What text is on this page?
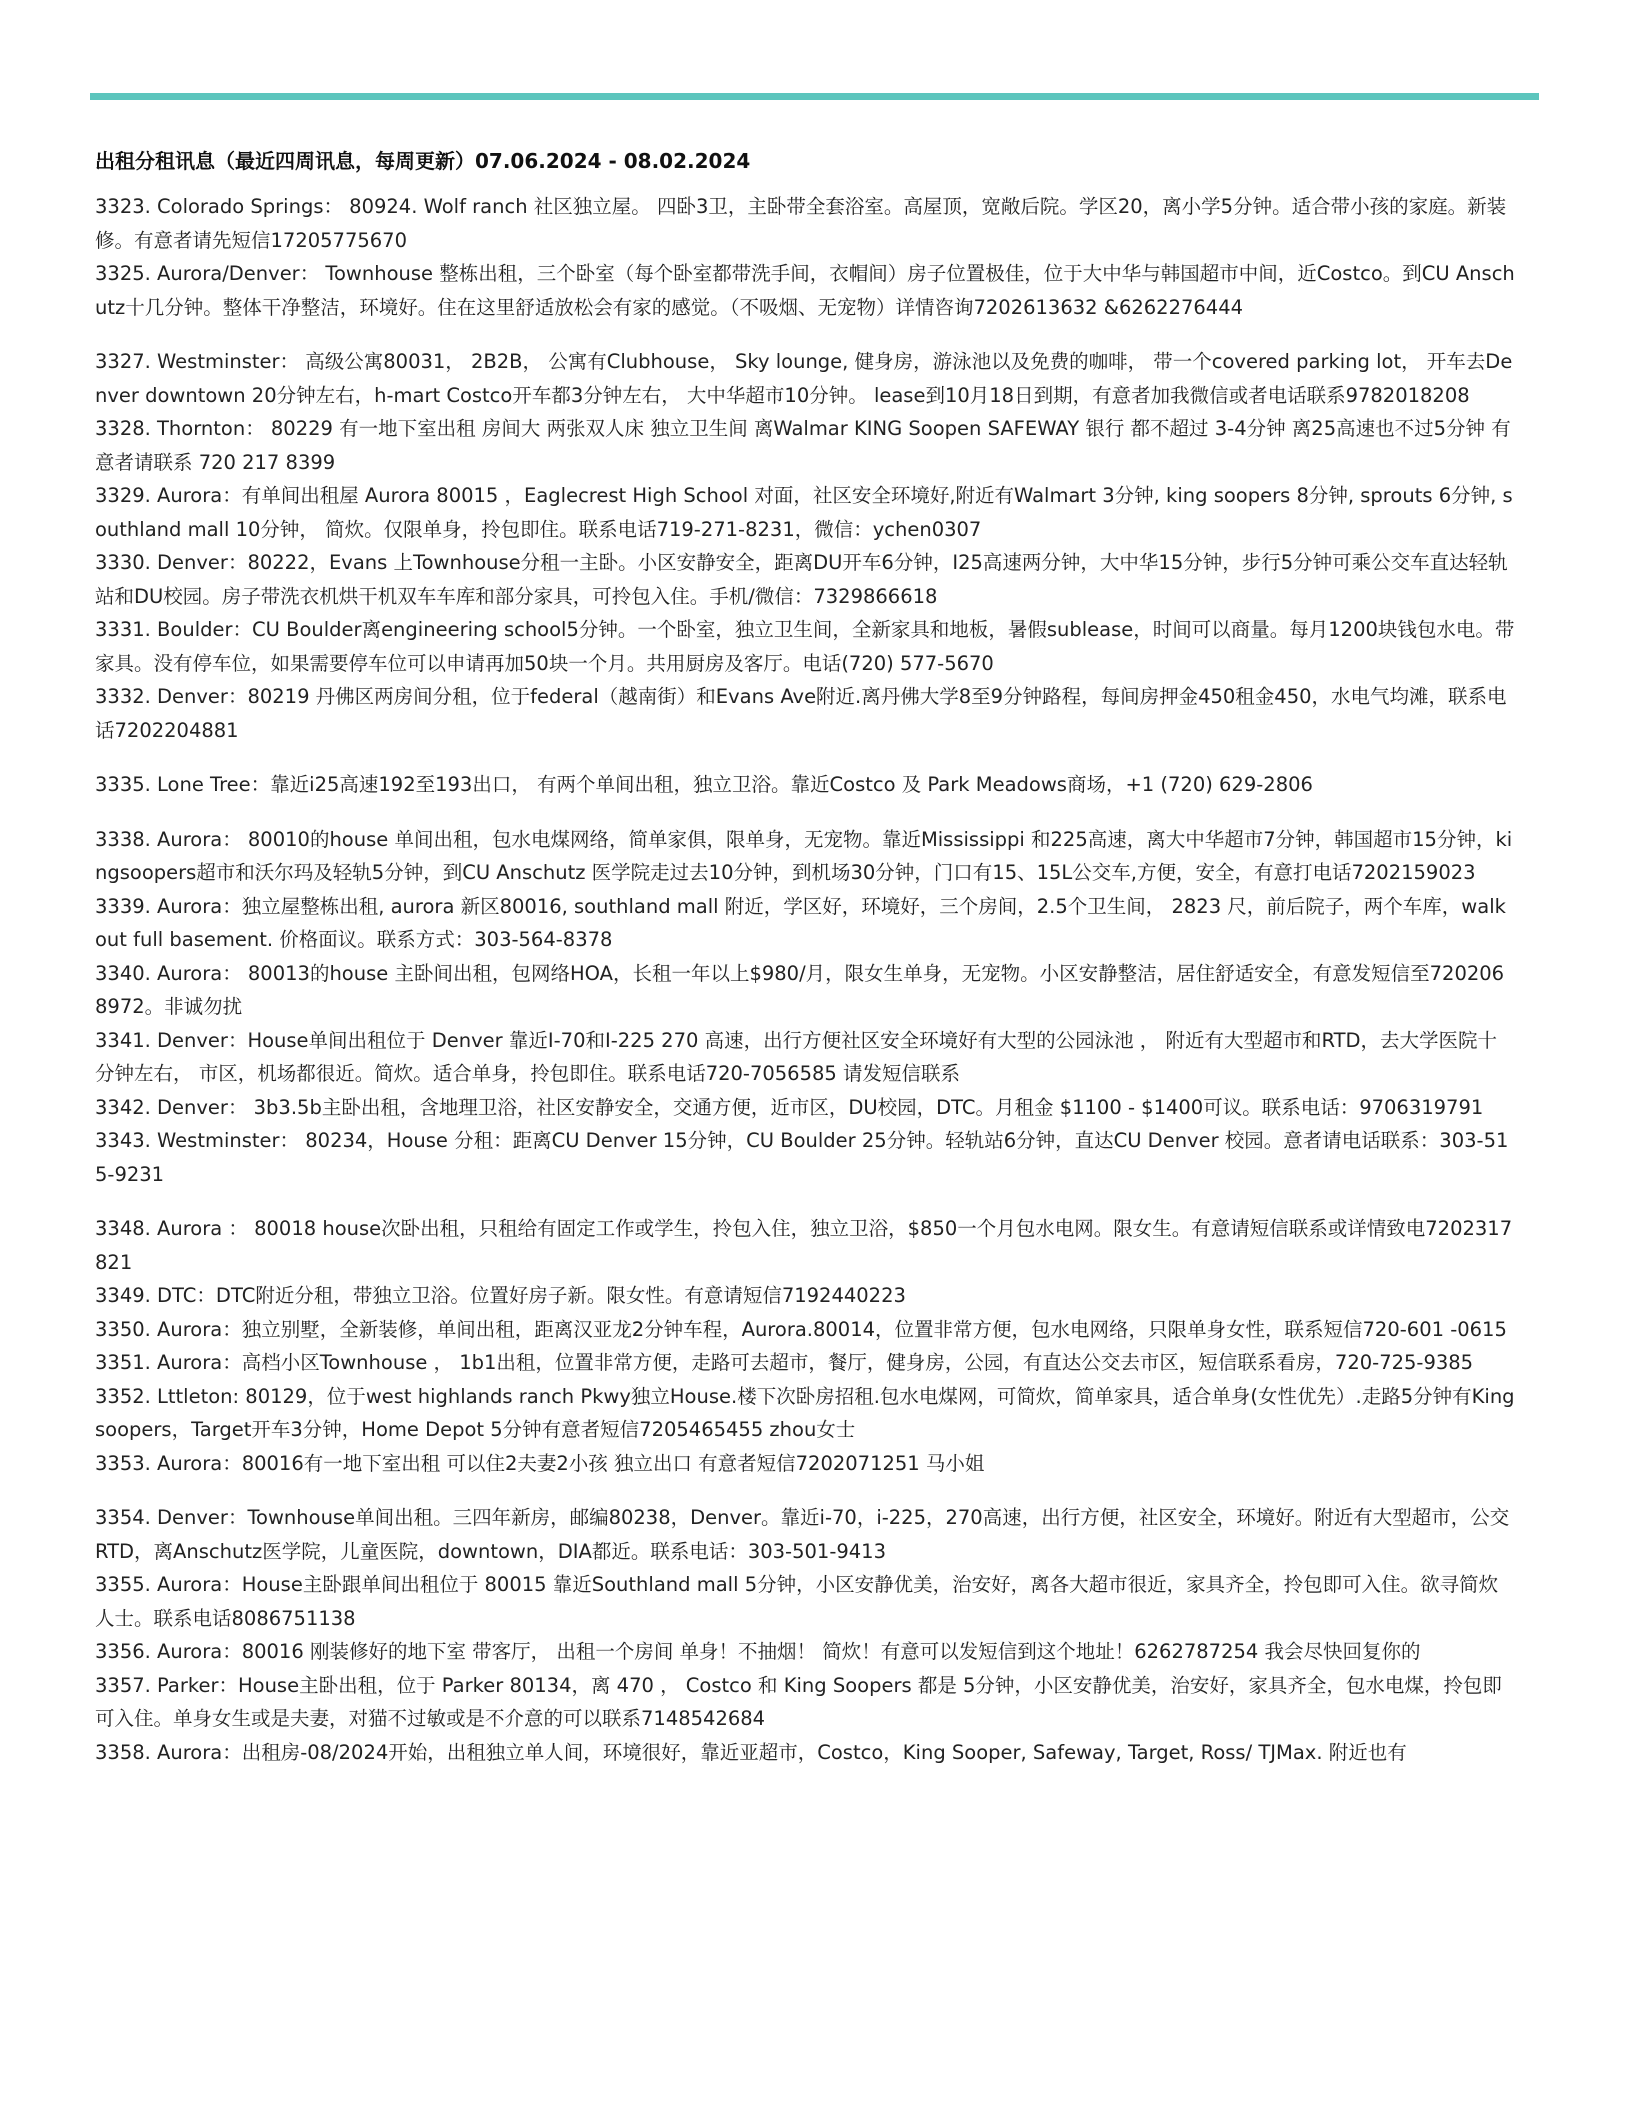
出租分租讯息（最近四周讯息，每周更新）07.06.2024 - 08.02.2024

3323. Colorado Springs： 80924. Wolf ranch 社区独立屋。 四卧3卫，主卧带全套浴室。高屋顶，宽敞后院。学区20，离小学5分钟。适合带小孩的家庭。新装修。有意者请先短信17205775670

3325. Aurora/Denver： Townhouse 整栋出租，三个卧室（每个卧室都带洗手间，衣帽间）房子位置极佳，位于大中华与韩国超市中间，近Costco。到CU Anschutz十几分钟。整体干净整洁，环境好。住在这里舒适放松会有家的感觉。（不吸烟、无宠物）详情咨询7202613632 &6262276444

3327. Westminster： 高级公寓80031， 2B2B， 公寓有Clubhouse， Sky lounge, 健身房，游泳池以及免费的咖啡， 带一个covered parking lot， 开车去Denver downtown 20分钟左右，h-mart Costco开车都3分钟左右， 大中华超市10分钟。 lease到10月18日到期，有意者加我微信或者电话联系9782018208

3328. Thornton： 80229 有一地下室出租 房间大 两张双人床 独立卫生间 离Walmar KING Soopen SAFEWAY 银行 都不超过 3-4分钟 离25高速也不过5分钟 有意者请联系 720 217 8399

3329. Aurora：有单间出租屋 Aurora 80015 ，Eaglecrest High School 对面，社区安全环境好,附近有Walmart 3分钟, king soopers 8分钟, sprouts 6分钟, southland mall 10分钟， 简炊。仅限单身，拎包即住。联系电话719-271-8231，微信：ychen0307

3330. Denver：80222，Evans 上Townhouse分租一主卧。小区安静安全，距离DU开车6分钟，I25高速两分钟，大中华15分钟，步行5分钟可乘公交车直达轻轨站和DU校园。房子带洗衣机烘干机双车车库和部分家具，可拎包入住。手机/微信：7329866618

3331. Boulder：CU Boulder离engineering school5分钟。一个卧室，独立卫生间，全新家具和地板，暑假sublease，时间可以商量。每月1200块钱包水电。带家具。没有停车位，如果需要停车位可以申请再加50块一个月。共用厨房及客厅。电话(720) 577-5670

3332. Denver：80219 丹佛区两房间分租，位于federal（越南街）和Evans Ave附近.离丹佛大学8至9分钟路程，每间房押金450租金450，水电气均滩，联系电话7202204881

3335. Lone Tree：靠近i25高速192至193出口， 有两个单间出租，独立卫浴。靠近Costco 及 Park Meadows商场，+1 (720) 629-2806

3338. Aurora： 80010的house 单间出租，包水电煤网络，简单家俱，限单身，无宠物。靠近Mississippi 和225高速，离大中华超市7分钟，韩国超市15分钟，kingsoopers超市和沃尔玛及轻轨5分钟，到CU Anschutz 医学院走过去10分钟，到机场30分钟，门口有15、15L公交车,方便，安全，有意打电话7202159023

3339. Aurora：独立屋整栋出租, aurora 新区80016, southland mall 附近，学区好，环境好，三个房间，2.5个卫生间， 2823 尺，前后院子，两个车库，walkout full basement. 价格面议。联系方式：303-564-8378

3340. Aurora： 80013的house 主卧间出租，包网络HOA，长租一年以上$980/月，限女生单身，无宠物。小区安静整洁，居住舒适安全，有意发短信至7202068972。非诚勿扰

3341. Denver：House单间出租位于 Denver 靠近I-70和I-225 270 高速，出行方便社区安全环境好有大型的公园泳池 ， 附近有大型超市和RTD，去大学医院十分钟左右， 市区，机场都很近。简炊。适合单身，拎包即住。联系电话720-7056585 请发短信联系

3342. Denver： 3b3.5b主卧出租，含地理卫浴，社区安静安全，交通方便，近市区，DU校园，DTC。月租金 $1100 - $1400可议。联系电话：9706319791

3343. Westminster： 80234，House 分租：距离CU Denver 15分钟，CU Boulder 25分钟。轻轨站6分钟，直达CU Denver 校园。意者请电话联系：303-515-9231

3348. Aurora ： 80018 house次卧出租，只租给有固定工作或学生，拎包入住，独立卫浴，$850一个月包水电网。限女生。有意请短信联系或详情致电7202317821

3349. DTC：DTC附近分租，带独立卫浴。位置好房子新。限女性。有意请短信7192440223

3350. Aurora：独立别墅，全新装修，单间出租，距离汉亚龙2分钟车程，Aurora.80014，位置非常方便，包水电网络，只限单身女性，联系短信720-601 -0615

3351. Aurora：高档小区Townhouse ， 1b1出租，位置非常方便，走路可去超市，餐厅，健身房，公园，有直达公交去市区，短信联系看房，720-725-9385

3352. Lttleton: 80129，位于west highlands ranch Pkwy独立House.楼下次卧房招租.包水电煤网，可简炊，简单家具，适合单身(女性优先）.走路5分钟有Kingsoopers，Target开车3分钟，Home Depot 5分钟有意者短信7205465455 zhou女士

3353. Aurora：80016有一地下室出租 可以住2夫妻2小孩 独立出口 有意者短信7202071251 马小姐

3354. Denver：Townhouse单间出租。三四年新房，邮编80238，Denver。靠近i-70，i-225，270高速，出行方便，社区安全，环境好。附近有大型超市，公交RTD，离Anschutz医学院，儿童医院，downtown，DIA都近。联系电话：303-501-9413

3355. Aurora：House主卧跟单间出租位于 80015 靠近Southland mall 5分钟，小区安静优美，治安好，离各大超市很近，家具齐全，拎包即可入住。欲寻简炊人士。联系电话8086751138

3356. Aurora：80016 刚装修好的地下室 带客厅， 出租一个房间 单身！不抽烟！ 简炊！有意可以发短信到这个地址！6262787254 我会尽快回复你的

3357. Parker：House主卧出租，位于 Parker 80134，离 470 ， Costco 和 King Soopers 都是 5分钟，小区安静优美，治安好，家具齐全，包水电煤，拎包即可入住。单身女生或是夫妻，对猫不过敏或是不介意的可以联系7148542684

3358. Aurora：出租房-08/2024开始，出租独立单人间，环境很好，靠近亚超市，Costco，King Sooper, Safeway, Target, Ross/ TJMax. 附近也有
